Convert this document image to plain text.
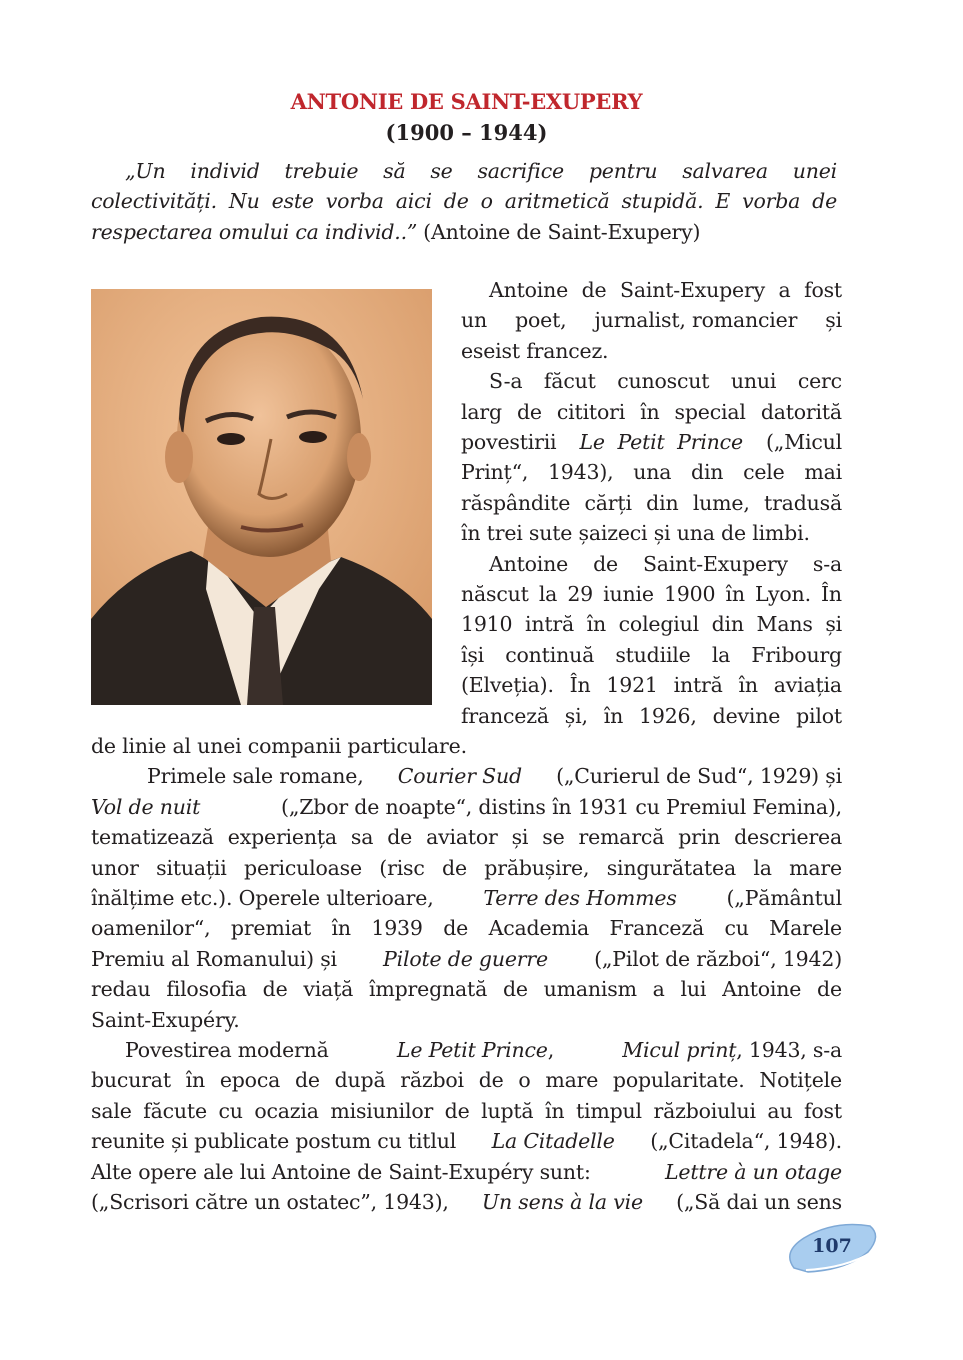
ANTONIE DE SAINT-EXUPERY
(1900 – 1944)
„Un individ trebuie să se sacrifice pentru salvarea unei
colectivități. Nu este vorba aici de o aritmetică stupidă. E vorba de
respectarea omului ca individ..” (Antoine de Saint-Exupery)
Antoine de Saint-Exupery a fost
un poet, jurnalist, romancier și
eseist francez.
S-a făcut cunoscut unui cerc
larg de cititori în special datorită
povestirii Le  Petit  Prince („Micul
Prinț“, 1943), una din cele mai
răspândite cărți din lume, tradusă
în trei sute șaizeci și una de limbi.
Antoine de Saint-Exupery s-a
născut la 29 iunie 1900 în Lyon. În
1910 intră în colegiul din Mans și
își continuă studiile la Fribourg
(Elveția). În 1921 intră în aviația
franceză și, în 1926, devine pilot
de linie al unei companii particulare.
Primele sale romane, Courier Sud („Curierul de Sud“, 1929) și
Vol de nuit	(„Zbor de noapte“, distins în 1931 cu Premiul Femina),
tematizează experiența sa de aviator și se remarcă prin descrierea
unor situații periculoase (risc de prăbușire, singurătatea la mare
înălțime etc.). Operele ulterioare, Terre des Hommes („Pământul
oamenilor“, premiat în 1939 de Academia Franceză cu Marele
Premiu al Romanului) și Pilote de guerre („Pilot de război“, 1942)
redau filosofia de viață împregnată de umanism a lui Antoine de
Saint-Exupéry.
Povestirea modernă	Le Petit Prince,	Micul prinț, 1943, s-a
bucurat în epoca de după război de o mare popularitate. Notițele
sale făcute cu ocazia misiunilor de luptă în timpul războiului au fost
reunite și publicate postum cu titlul La Citadelle („Citadela“, 1948).
Alte opere ale lui Antoine de Saint-Exupéry sunt:	Lettre à un otage
(„Scrisori către un ostatec”, 1943), Un sens à la vie („Să dai un sens
107
